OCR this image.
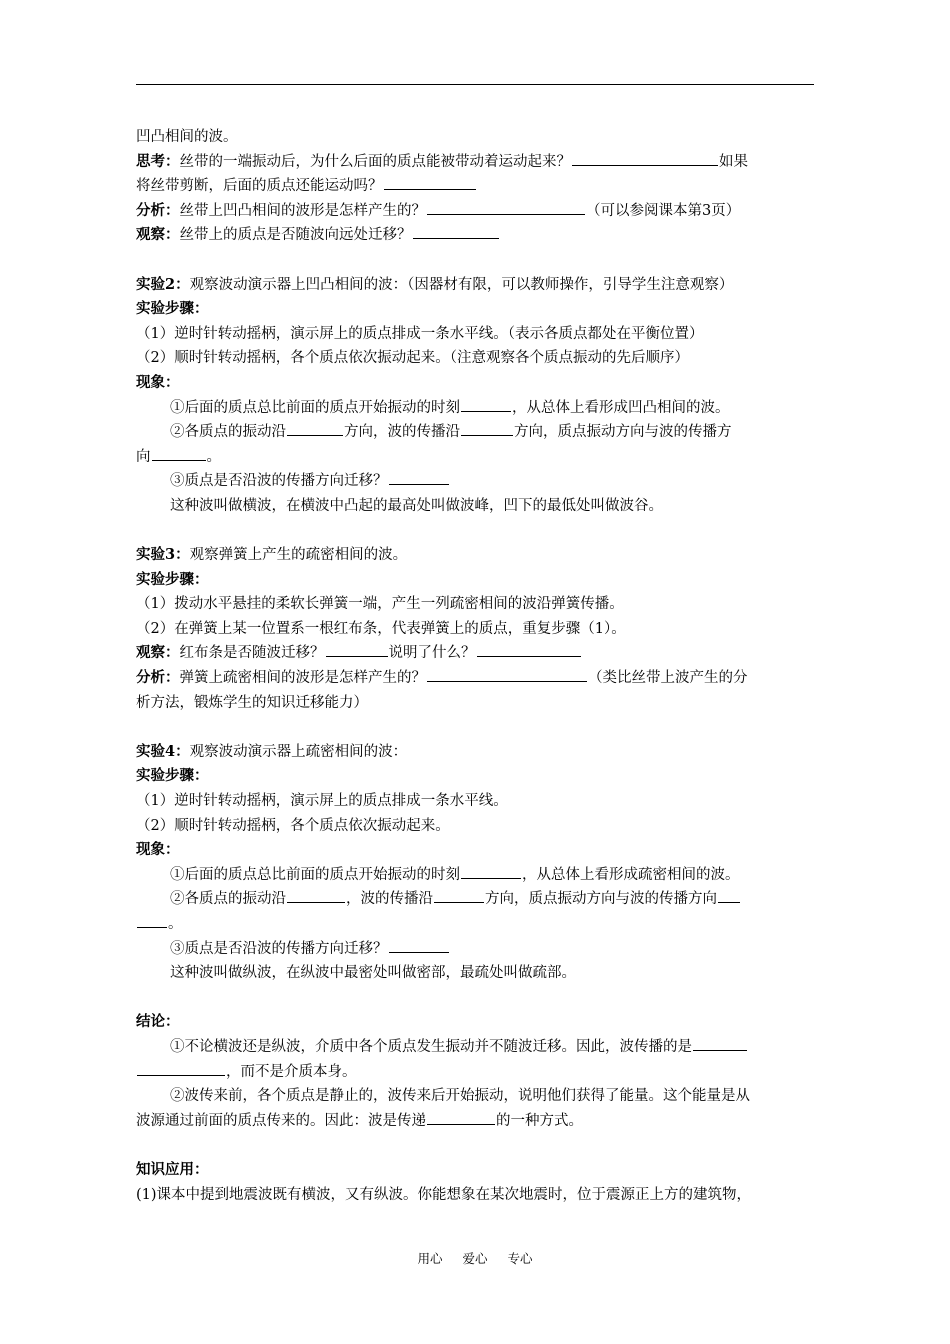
凹凸相间的波。
思考：丝带的一端振动后，为什么后面的质点能被带动着运动起来？	如果
将丝带剪断，后面的质点还能运动吗？
分析：丝带上凹凸相间的波形是怎样产生的？	（可以参阅课本第3页）
观察：丝带上的质点是否随波向远处迁移？
实验2：观察波动演示器上凹凸相间的波：（因器材有限，可以教师操作，引导学生注意观察）
实验步骤：
（1）逆时针转动摇柄，演示屏上的质点排成一条水平线。（表示各质点都处在平衡位置）
（2）顺时针转动摇柄，各个质点依次振动起来。（注意观察各个质点振动的先后顺序）
现象：
①后面的质点总比前面的质点开始振动的时刻	，从总体上看形成凹凸相间的波。
②各质点的振动沿	方向，波的传播沿	方向，质点振动方向与波的传播方
向	。
③质点是否沿波的传播方向迁移？
这种波叫做横波，在横波中凸起的最高处叫做波峰，凹下的最低处叫做波谷。
实验3：观察弹簧上产生的疏密相间的波。
实验步骤：
（1）拨动水平悬挂的柔软长弹簧一端，产生一列疏密相间的波沿弹簧传播。
（2）在弹簧上某一位置系一根红布条，代表弹簧上的质点，重复步骤（1）。
观察：红布条是否随波迁移？	说明了什么？
分析：弹簧上疏密相间的波形是怎样产生的？	（类比丝带上波产生的分
析方法，锻炼学生的知识迁移能力）
实验4：观察波动演示器上疏密相间的波：
实验步骤：
（1）逆时针转动摇柄，演示屏上的质点排成一条水平线。
（2）顺时针转动摇柄，各个质点依次振动起来。
现象：
①后面的质点总比前面的质点开始振动的时刻	，从总体上看形成疏密相间的波。
②各质点的振动沿	，波的传播沿	方向，质点振动方向与波的传播方向
。
③质点是否沿波的传播方向迁移？
这种波叫做纵波，在纵波中最密处叫做密部，最疏处叫做疏部。
结论：
①不论横波还是纵波，介质中各个质点发生振动并不随波迁移。因此，波传播的是
，而不是介质本身。
②波传来前，各个质点是静止的，波传来后开始振动，说明他们获得了能量。这个能量是从
波源通过前面的质点传来的。因此：波是传递	的一种方式。
知识应用：
(1)课本中提到地震波既有横波，又有纵波。你能想象在某次地震时，位于震源正上方的建筑物，
用心 爱心 专心
